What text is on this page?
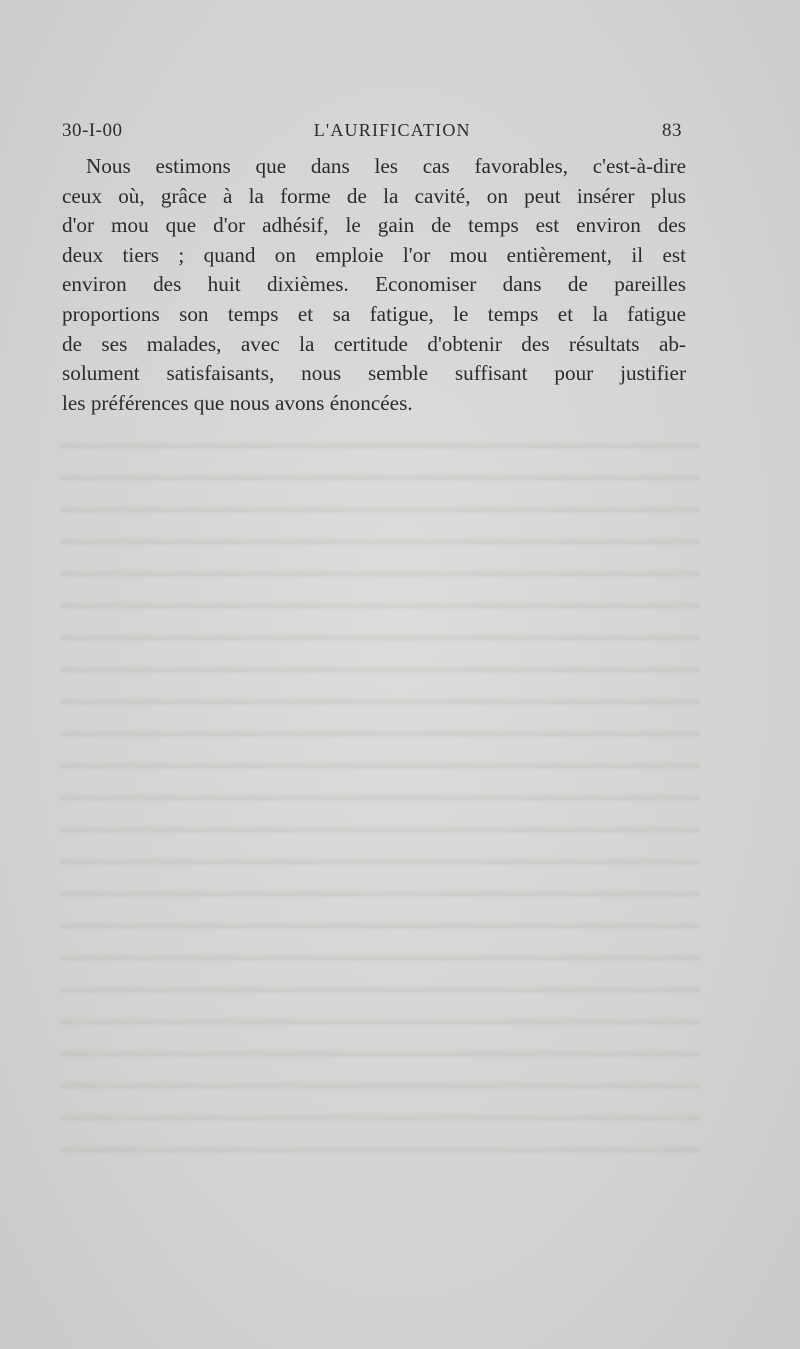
30-I-00	L'AURIFICATION	83
Nous estimons que dans les cas favorables, c'est-à-dire
ceux où, grâce à la forme de la cavité, on peut insérer plus
d'or mou que d'or adhésif, le gain de temps est environ des
deux tiers ; quand on emploie l'or mou entièrement, il est
environ des huit dixièmes. Economiser dans de pareilles
proportions son temps et sa fatigue, le temps et la fatigue
de ses malades, avec la certitude d'obtenir des résultats ab-
solument satisfaisants, nous semble suffisant pour justifier
les préférences que nous avons énoncées.
